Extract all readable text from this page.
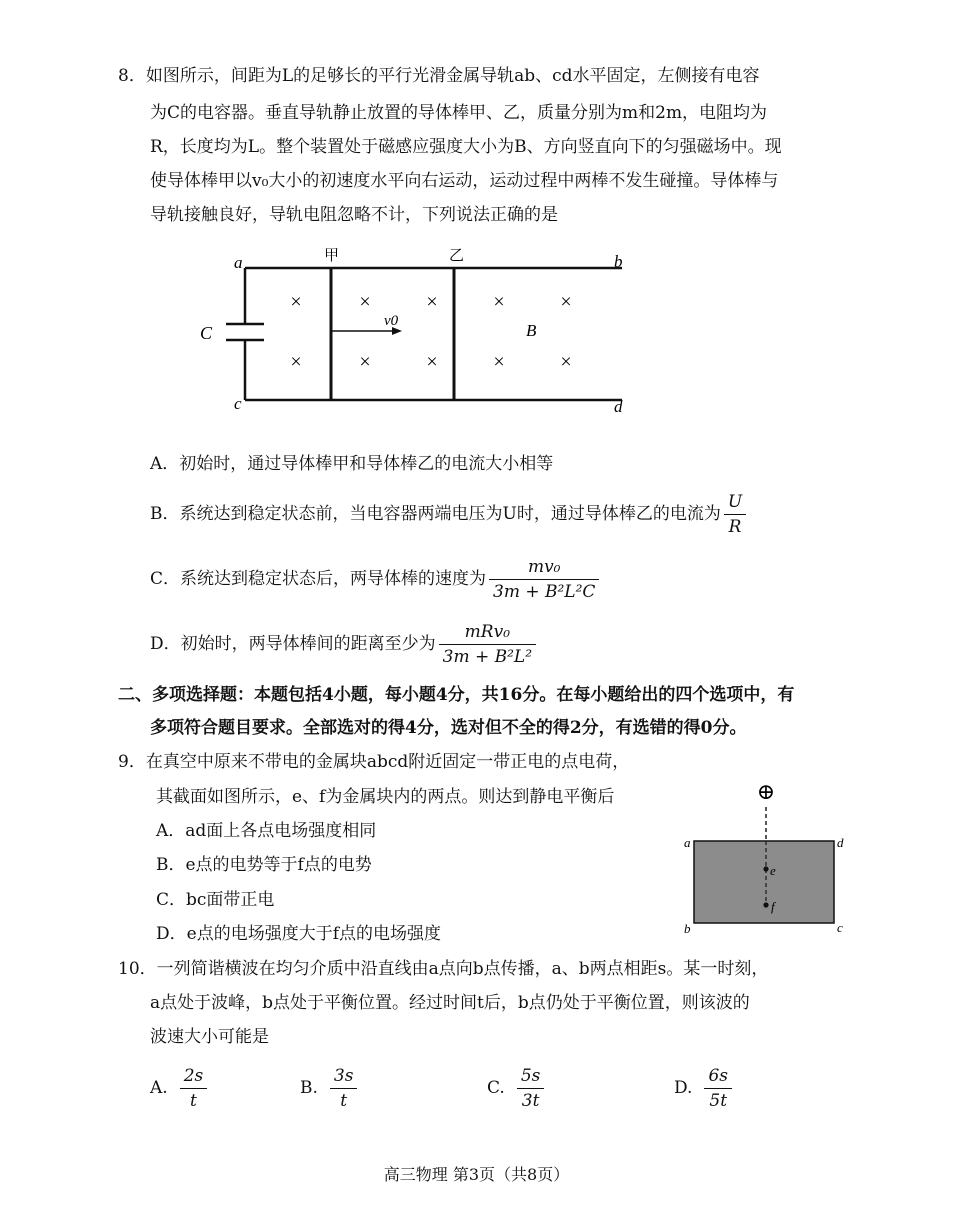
8．如图所示，间距为L的足够长的平行光滑金属导轨ab、cd水平固定，左侧接有电容
为C的电容器。垂直导轨静止放置的导体棒甲、乙，质量分别为m和2m，电阻均为
R，长度均为L。整个装置处于磁感应强度大小为B、方向竖直向下的匀强磁场中。现
使导体棒甲以v₀大小的初速度水平向右运动，运动过程中两棒不发生碰撞。导体棒与
导轨接触良好，导轨电阻忽略不计，下列说法正确的是
a	b
c	d
C
甲	乙
v0	B
×	×	×	×	×
×	×	×	×	×
A．初始时，通过导体棒甲和导体棒乙的电流大小相等
B．系统达到稳定状态前，当电容器两端电压为U时，通过导体棒乙的电流为 $\frac{U}{R}$
C．系统达到稳定状态后，两导体棒的速度为 $\frac{\text{mv₀}}{\text{3m + B²L²C}}$
D．初始时，两导体棒间的距离至少为 $\frac{\text{mRv₀}}{\text{3m + B²L²}}$
二、多项选择题：本题包括4小题，每小题4分，共16分。在每小题给出的四个选项中，有
多项符合题目要求。全部选对的得4分，选对但不全的得2分，有选错的得0分。
9．在真空中原来不带电的金属块abcd附近固定一带正电的点电荷，
其截面如图所示，e、f为金属块内的两点。则达到静电平衡后
A．ad面上各点电场强度相同
B．e点的电势等于f点的电势
C．bc面带正电
D．e点的电场强度大于f点的电场强度
⊕
e
f
a	d
b	c
10．一列简谐横波在均匀介质中沿直线由a点向b点传播，a、b两点相距s。某一时刻，
a点处于波峰，b点处于平衡位置。经过时间t后，b点仍处于平衡位置，则该波的
波速大小可能是
A. $\frac{2s}{t}$	B. $\frac{3s}{t}$	C. $\frac{5s}{3t}$	D. $\frac{6s}{5t}$
高三物理 第3页（共8页）
